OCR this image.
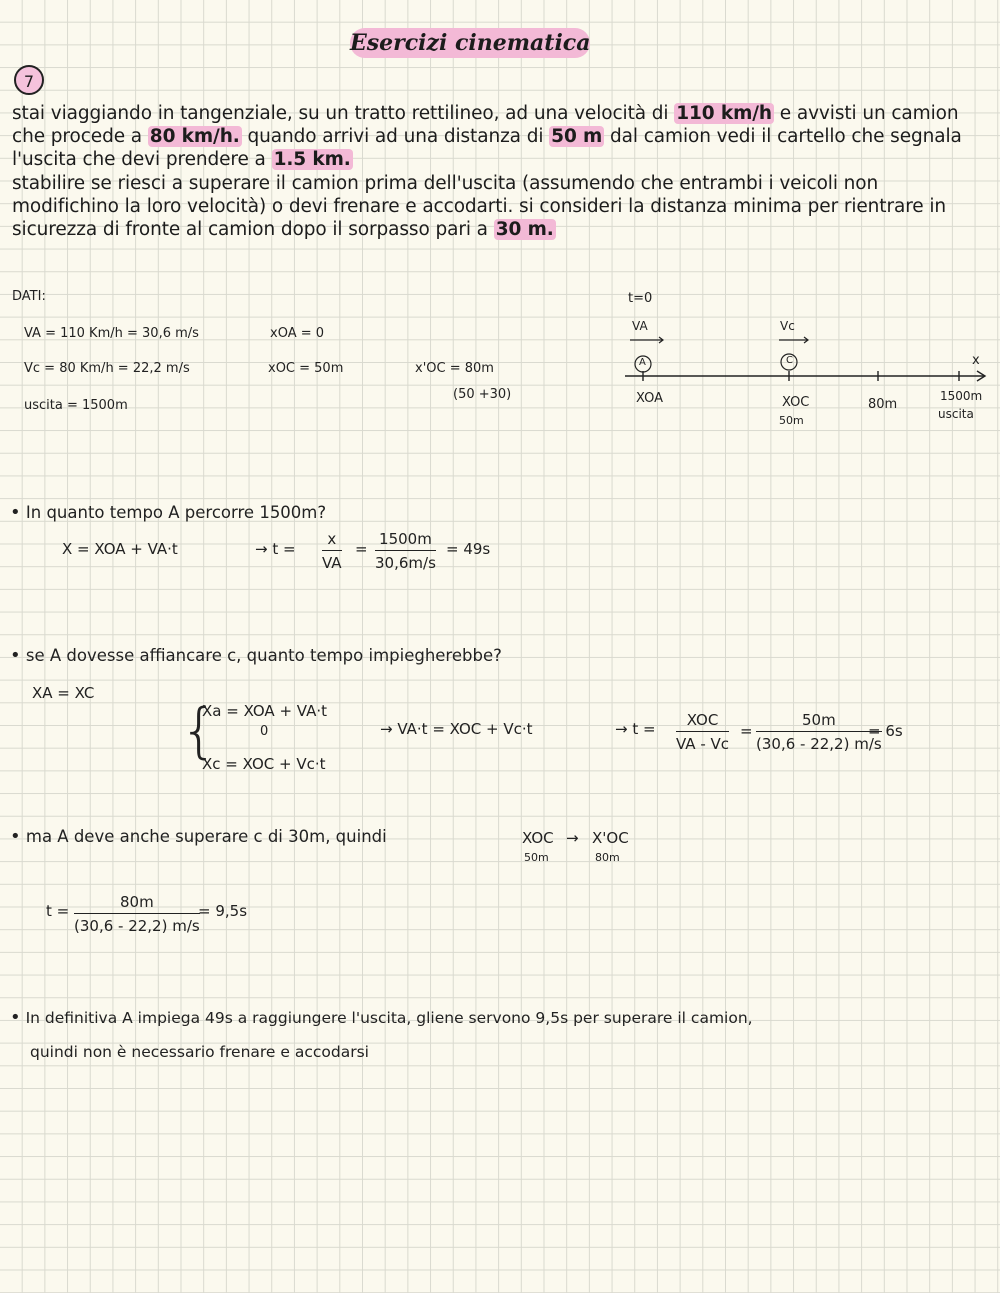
Esercizi cinematica
7
stai viaggiando in tangenziale, su un tratto rettilineo, ad una velocità di 110 km/h e avvisti un camion che procede a 80 km/h. quando arrivi ad una distanza di 50 m dal camion vedi il cartello che segnala l'uscita che devi prendere a 1.5 km.
stabilire se riesci a superare il camion prima dell'uscita (assumendo che entrambi i veicoli non modifichino la loro velocità) o devi frenare e accodarti. si consideri la distanza minima per rientrare in sicurezza di fronte al camion dopo il sorpasso pari a 30 m.
DATI:
VA = 110 Km/h = 30,6 m/s
Vc = 80 Km/h = 22,2 m/s
uscita = 1500m
xOA = 0
xOC = 50m	x'OC = 80m
(50 +30)
t=0
VA	Vc
A	C	x
XOA	XOC
50m
80m
1500m
uscita
• In quanto tempo A percorre 1500m?
X = XOA + VA·t	→ $t = \frac{x}{VA} = \frac{1500m}{30,6m/s} = 49s$
• se A dovesse affiancare c, quanto tempo impiegherebbe?
XA = XC
{
Xa = XOA + VA·t
0
Xc = XOC + Vc·t
→ VA·t = XOC + Vc·t	→ $t = \frac{\text{XOC}}{VA - Vc} = \frac{50m}{(30,6 - 22,2) m/s}$
= 6s
• ma A deve anche superare c di 30m, quindi	XOC → X'OC
50m	80m
$t = \frac{80m}{(30,6 - 22,2) m/s}$
= 9,5s
• In definitiva A impiega 49s a raggiungere l'uscita, gliene servono 9,5s per superare il camion,
quindi non è necessario frenare e accodarsi
